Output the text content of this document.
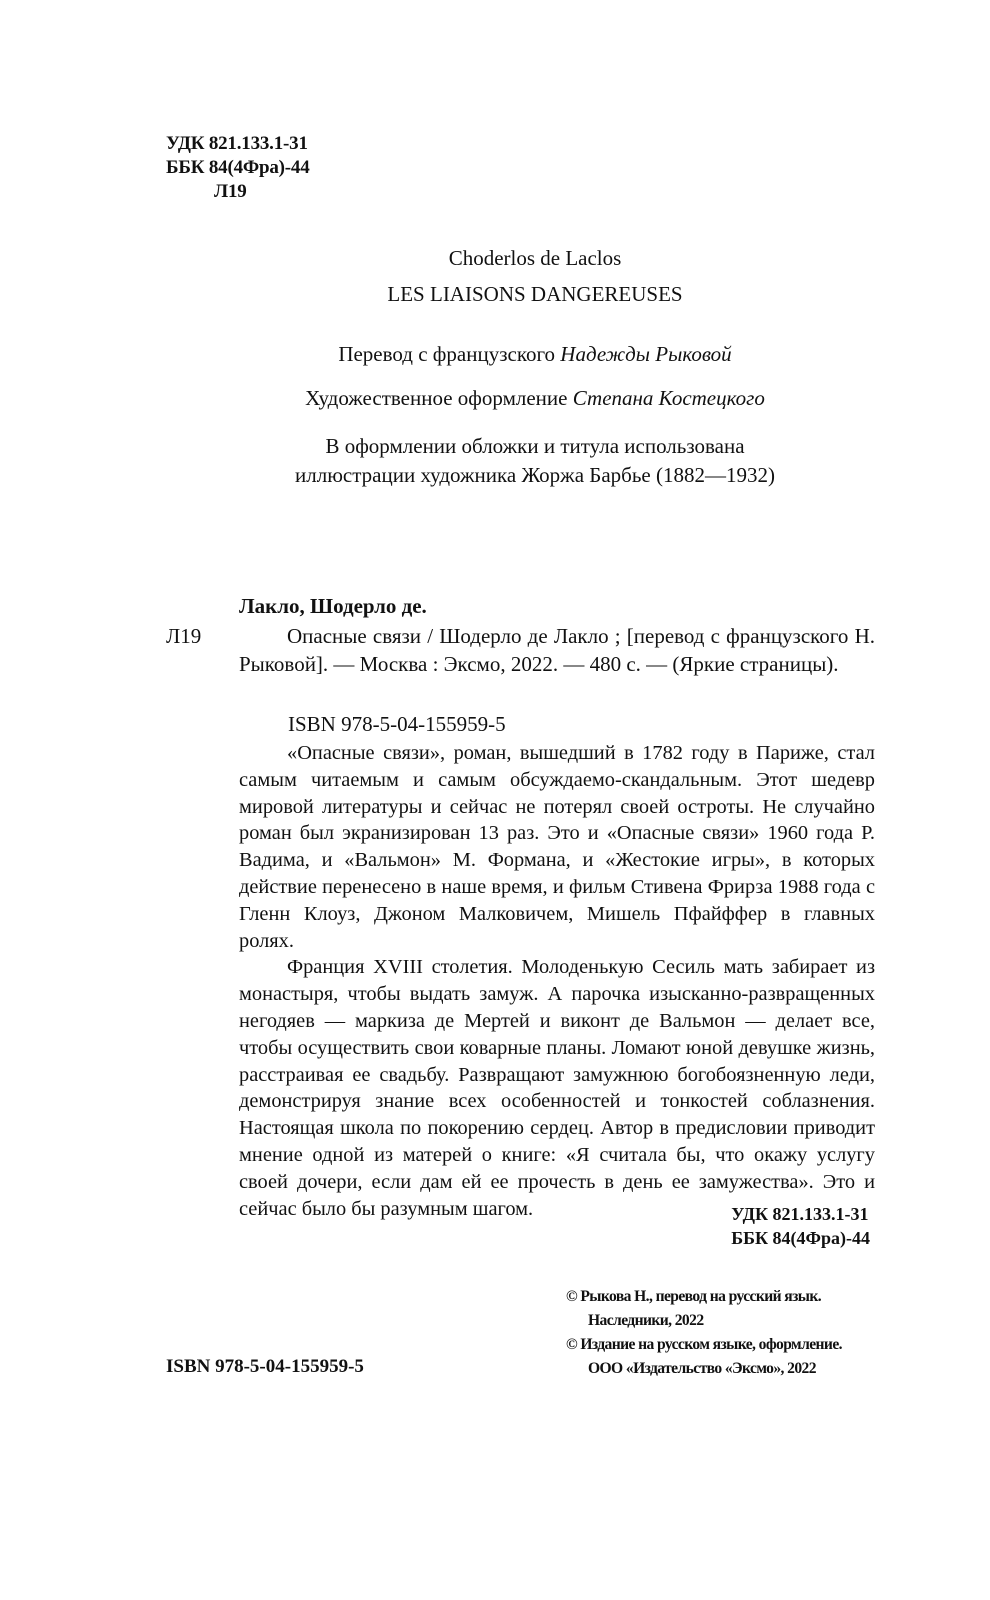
УДК 821.133.1-31
ББК 84(4Фра)-44
Л19
Choderlos de Laclos
LES LIAISONS DANGEREUSES
Перевод с французского Надежды Рыковой
Художественное оформление Степана Костецкого
В оформлении обложки и титула использована
иллюстрации художника Жоржа Барбье (1882—1932)
Лакло, Шодерло де.
Л19	Опасные связи / Шодерло де Лакло ; [перевод с французского Н. Рыковой]. — Москва : Эксмо, 2022. — 480 с. — (Яркие страницы).
ISBN 978-5-04-155959-5

«Опасные связи», роман, вышедший в 1782 году в Париже, стал самым читаемым и самым обсуждаемо-скандальным. Этот шедевр мировой литературы и сейчас не потерял своей остроты. Не случайно роман был экранизирован 13 раз. Это и «Опасные связи» 1960 года Р. Вадима, и «Вальмон» М. Формана, и «Жестокие игры», в которых действие перенесено в наше время, и фильм Стивена Фрирза 1988 года с Гленн Клоуз, Джоном Малковичем, Мишель Пфайффер в главных ролях.

Франция XVIII столетия. Молоденькую Сесиль мать забирает из монастыря, чтобы выдать замуж. А парочка изысканно-развращенных негодяев — маркиза де Мертей и виконт де Вальмон — делает все, чтобы осуществить свои коварные планы. Ломают юной девушке жизнь, расстраивая ее свадьбу. Развращают замужнюю богобоязненную леди, демонстрируя знание всех особенностей и тонкостей соблазнения. Настоящая школа по покорению сердец. Автор в предисловии приводит мнение одной из матерей о книге: «Я считала бы, что окажу услугу своей дочери, если дам ей ее прочесть в день ее замужества». Это и сейчас было бы разумным шагом.	УДК 821.133.1-31
ББК 84(4Фра)-44
ISBN 978-5-04-155959-5
© Рыкова Н., перевод на русский язык.
Наследники, 2022
© Издание на русском языке, оформление.
ООО «Издательство «Эксмо», 2022
